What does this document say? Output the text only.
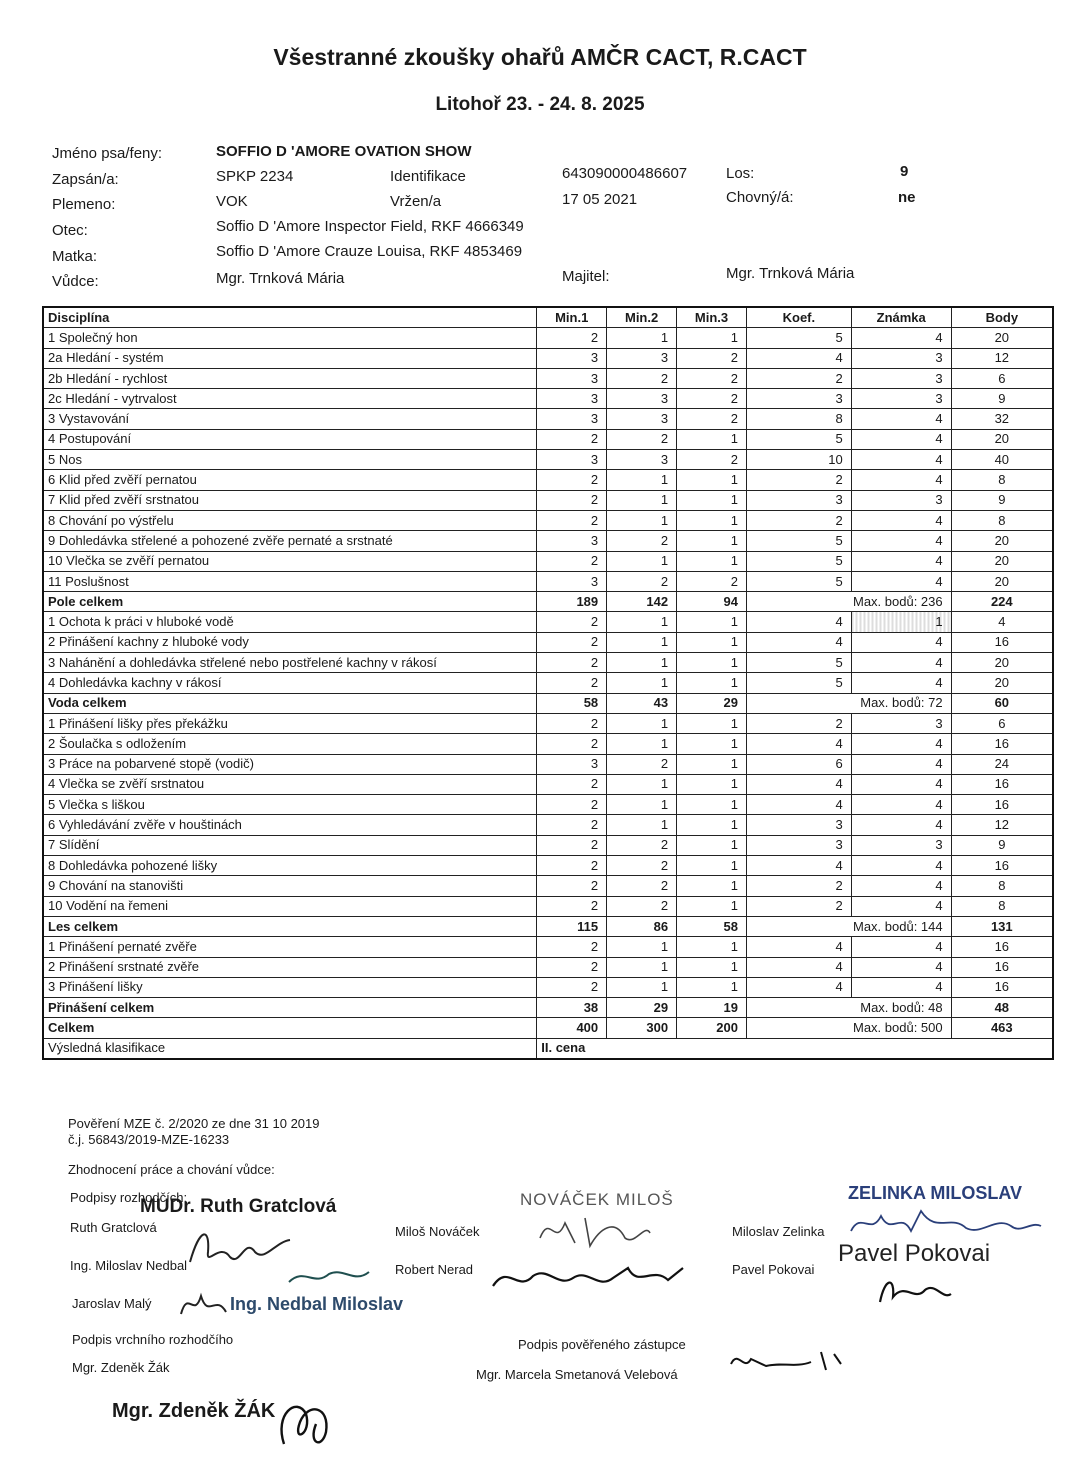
Všestranné zkoušky ohařů AMČR CACT, R.CACT
Litohoř 23. - 24. 8. 2025
Jméno psa/feny:	SOFFIO D 'AMORE OVATION SHOW
Zapsán/a:	SPKP 2234	Identifikace	643090000486607	Los:	9
Plemeno:	VOK	Vržen/a	17 05 2021	Chovný/á:	ne
Otec:	Soffio D 'Amore Inspector Field, RKF 4666349
Matka:	Soffio D 'Amore Crauze Louisa, RKF 4853469
Vůdce:	Mgr. Trnková Mária	Majitel:	Mgr. Trnková Mária
Disciplína	Min.1	Min.2	Min.3	Koef.	Známka	Body
1 Společný hon	2	1	1	5	4	20
2a Hledání - systém	3	3	2	4	3	12
2b Hledání - rychlost	3	2	2	2	3	6
2c Hledání - vytrvalost	3	3	2	3	3	9
3 Vystavování	3	3	2	8	4	32
4 Postupování	2	2	1	5	4	20
5 Nos	3	3	2	10	4	40
6 Klid před zvěří pernatou	2	1	1	2	4	8
7 Klid před zvěří srstnatou	2	1	1	3	3	9
8 Chování po výstřelu	2	1	1	2	4	8
9 Dohledávka střelené a pohozené zvěře pernaté a srstnaté	3	2	1	5	4	20
10 Vlečka se zvěří pernatou	2	1	1	5	4	20
11 Poslušnost	3	2	2	5	4	20
Pole celkem	189	142	94	Max. bodů: 236		224
1 Ochota k práci v hluboké vodě	2	1	1	4	1	4
2 Přinášení kachny z hluboké vody	2	1	1	4	4	16
3 Nahánění a dohledávka střelené nebo postřelené kachny v rákosí	2	1	1	5	4	20
4 Dohledávka kachny v rákosí	2	1	1	5	4	20
Voda celkem	58	43	29	Max. bodů: 72		60
1 Přinášení lišky přes překážku	2	1	1	2	3	6
2 Šoulačka s odložením	2	1	1	4	4	16
3 Práce na pobarvené stopě (vodič)	3	2	1	6	4	24
4 Vlečka se zvěří srstnatou	2	1	1	4	4	16
5 Vlečka s liškou	2	1	1	4	4	16
6 Vyhledávání zvěře v houštinách	2	1	1	3	4	12
7 Slídění	2	2	1	3	3	9
8 Dohledávka pohozené lišky	2	2	1	4	4	16
9 Chování na stanovišti	2	2	1	2	4	8
10 Vodění na řemeni	2	2	1	2	4	8
Les celkem	115	86	58	Max. bodů: 144		131
1 Přinášení pernaté zvěře	2	1	1	4	4	16
2 Přinášení srstnaté zvěře	2	1	1	4	4	16
3 Přinášení lišky	2	1	1	4	4	16
Přinášení celkem	38	29	19	Max. bodů: 48		48
Celkem	400	300	200	Max. bodů: 500		463
Výsledná klasifikace	II. cena					
Pověření MZE č. 2/2020 ze dne 31 10 2019
č.j. 56843/2019-MZE-16233
Zhodnocení práce a chování vůdce:
Podpisy rozhodčích:
MUDr. Ruth Gratclová	NOVÁČEK MILOŠ	ZELINKA MILOSLAV
Ruth Gratclová	Miloš Nováček	Miloslav Zelinka
Ing. Miloslav Nedbal	Robert Nerad	Pavel Pokovai
Pavel Pokovai
Jaroslav Malý	Ing. Nedbal Miloslav
Podpis vrchního rozhodčího
Mgr. Zdeněk Žák
Podpis pověřeného zástupce
Mgr. Marcela Smetanová Velebová
Mgr. Zdeněk ŽÁK
